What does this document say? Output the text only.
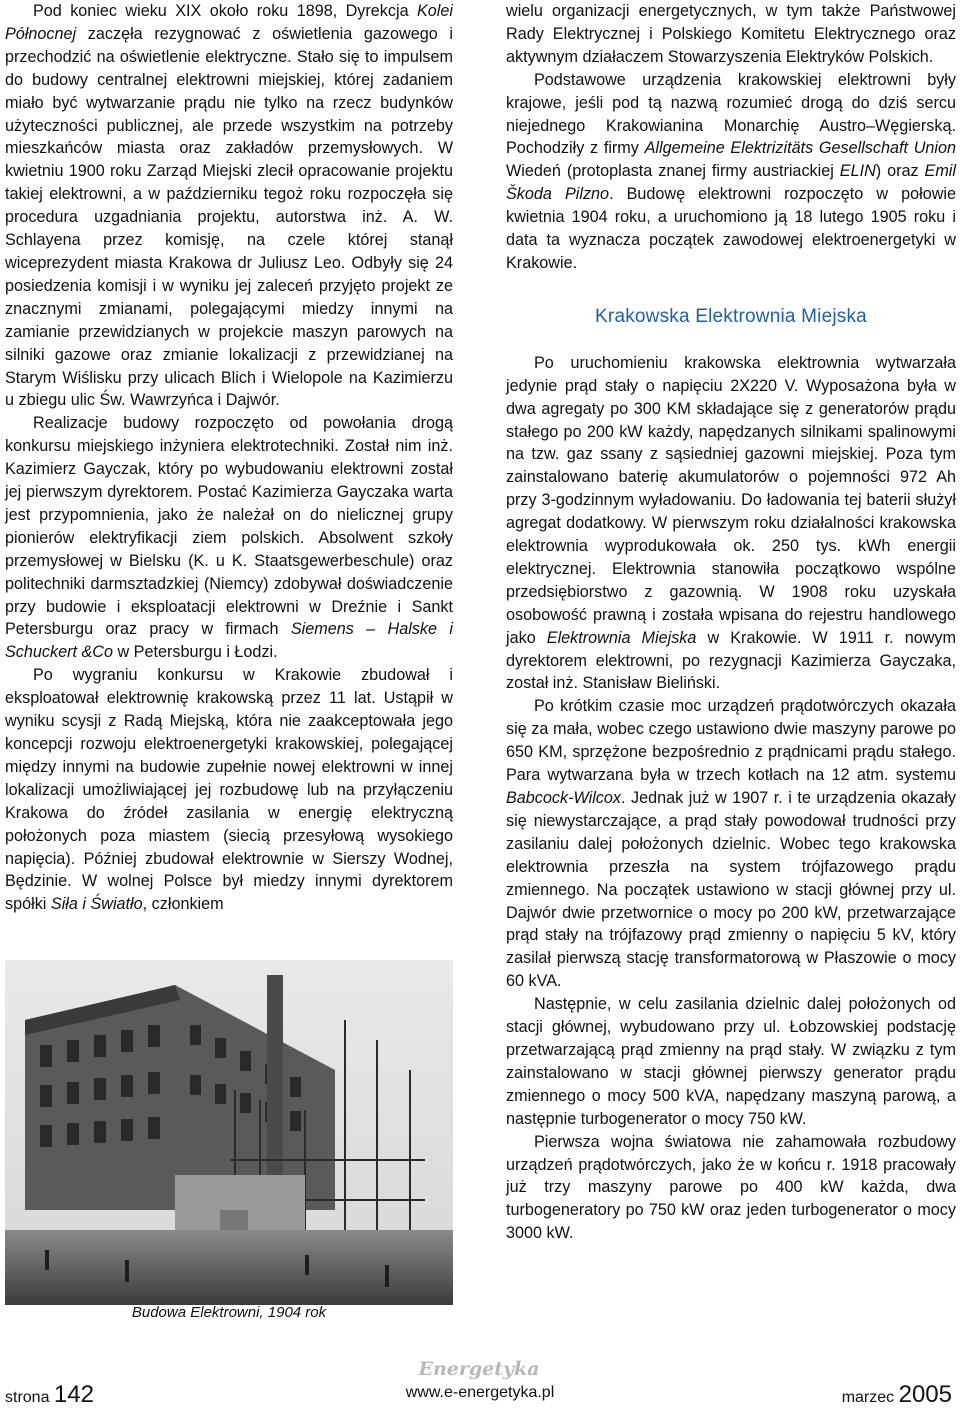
Pod koniec wieku XIX około roku 1898, Dyrekcja Kolei Północnej zaczęła rezygnować z oświetlenia gazowego i przechodzić na oświetlenie elektryczne. Stało się to impulsem do budowy centralnej elektrowni miejskiej, której zadaniem miało być wytwarzanie prądu nie tylko na rzecz budynków użyteczności publicznej, ale przede wszystkim na potrzeby mieszkańców miasta oraz zakładów przemysłowych. W kwietniu 1900 roku Zarząd Miejski zlecił opracowanie projektu takiej elektrowni, a w październiku tegoż roku rozpoczęła się procedura uzgadniania projektu, autorstwa inż. A. W. Schlayena przez komisję, na czele której stanął wiceprezydent miasta Krakowa dr Juliusz Leo. Odbyły się 24 posiedzenia komisji i w wyniku jej zaleceń przyjęto projekt ze znacznymi zmianami, polegającymi miedzy innymi na zamianie przewidzianych w projekcie maszyn parowych na silniki gazowe oraz zmianie lokalizacji z przewidzianej na Starym Wiślisku przy ulicach Blich i Wielopole na Kazimierzu u zbiegu ulic Św. Wawrzyńca i Dajwór.

Realizacje budowy rozpoczęto od powołania drogą konkursu miejskiego inżyniera elektrotechniki. Został nim inż. Kazimierz Gayczak, który po wybudowaniu elektrowni został jej pierwszym dyrektorem. Postać Kazimierza Gayczaka warta jest przypomnienia, jako że należał on do nielicznej grupy pionierów elektryfikacji ziem polskich. Absolwent szkoły przemysłowej w Bielsku (K. u K. Staatsgewerbeschule) oraz politechniki darmsztadzkiej (Niemcy) zdobywał doświadczenie przy budowie i eksploatacji elektrowni w Dreźnie i Sankt Petersburgu oraz pracy w firmach Siemens – Halske i Schuckert &Co w Petersburgu i Łodzi.

Po wygraniu konkursu w Krakowie zbudował i eksploatował elektrownię krakowską przez 11 lat. Ustąpił w wyniku scysji z Radą Miejską, która nie zaakceptowała jego koncepcji rozwoju elektroenergetyki krakowskiej, polegającej między innymi na budowie zupełnie nowej elektrowni w innej lokalizacji umożliwiającej jej rozbudowę lub na przyłączeniu Krakowa do źródeł zasilania w energię elektryczną położonych poza miastem (siecią przesyłową wysokiego napięcia). Później zbudował elektrownie w Sierszy Wodnej, Będzinie. W wolnej Polsce był miedzy innymi dyrektorem spółki Siła i Światło, członkiem

Budowa Elektrowni, 1904 rok

wielu organizacji energetycznych, w tym także Państwowej Rady Elektrycznej i Polskiego Komitetu Elektrycznego oraz aktywnym działaczem Stowarzyszenia Elektryków Polskich.

Podstawowe urządzenia krakowskiej elektrowni były krajowe, jeśli pod tą nazwą rozumieć drogą do dziś sercu niejednego Krakowianina Monarchię Austro–Węgierską. Pochodziły z firmy Allgemeine Elektrizitäts Gesellschaft Union Wiedeń (protoplasta znanej firmy austriackiej ELIN) oraz Emil Škoda Pilzno. Budowę elektrowni rozpoczęto w połowie kwietnia 1904 roku, a uruchomiono ją 18 lutego 1905 roku i data ta wyznacza początek zawodowej elektroenergetyki w Krakowie.

Krakowska Elektrownia Miejska

Po uruchomieniu krakowska elektrownia wytwarzała jedynie prąd stały o napięciu 2X220 V. Wyposażona była w dwa agregaty po 300 KM składające się z generatorów prądu stałego po 200 kW każdy, napędzanych silnikami spalinowymi na tzw. gaz ssany z sąsiedniej gazowni miejskiej. Poza tym zainstalowano baterię akumulatorów o pojemności 972 Ah przy 3-godzinnym wyładowaniu. Do ładowania tej baterii służył agregat dodatkowy. W pierwszym roku działalności krakowska elektrownia wyprodukowała ok. 250 tys. kWh energii elektrycznej. Elektrownia stanowiła początkowo wspólne przedsiębiorstwo z gazownią. W 1908 roku uzyskała osobowość prawną i została wpisana do rejestru handlowego jako Elektrownia Miejska w Krakowie. W 1911 r. nowym dyrektorem elektrowni, po rezygnacji Kazimierza Gayczaka, został inż. Stanisław Bieliński.

Po krótkim czasie moc urządzeń prądotwórczych okazała się za mała, wobec czego ustawiono dwie maszyny parowe po 650 KM, sprzężone bezpośrednio z prądnicami prądu stałego. Para wytwarzana była w trzech kotłach na 12 atm. systemu Babcock-Wilcox. Jednak już w 1907 r. i te urządzenia okazały się niewystarczające, a prąd stały powodował trudności przy zasilaniu dalej położonych dzielnic. Wobec tego krakowska elektrownia przeszła na system trójfazowego prądu zmiennego. Na początek ustawiono w stacji głównej przy ul. Dajwór dwie przetwornice o mocy po 200 kW, przetwarzające prąd stały na trójfazowy prąd zmienny o napięciu 5 kV, który zasilał pierwszą stację transformatorową w Płaszowie o mocy 60 kVA.

Następnie, w celu zasilania dzielnic dalej położonych od stacji głównej, wybudowano przy ul. Łobzowskiej podstację przetwarzającą prąd zmienny na prąd stały. W związku z tym zainstalowano w stacji głównej pierwszy generator prądu zmiennego o mocy 500 kVA, napędzany maszyną parową, a następnie turbogenerator o mocy 750 kW.

Pierwsza wojna światowa nie zahamowała rozbudowy urządzeń prądotwórczych, jako że w końcu r. 1918 pracowały już trzy maszyny parowe po 400 kW każda, dwa turbogeneratory po 750 kW oraz jeden turbogenerator o mocy 3000 kW.

Energetyka
strona 142	www.e-energetyka.pl	marzec 2005
